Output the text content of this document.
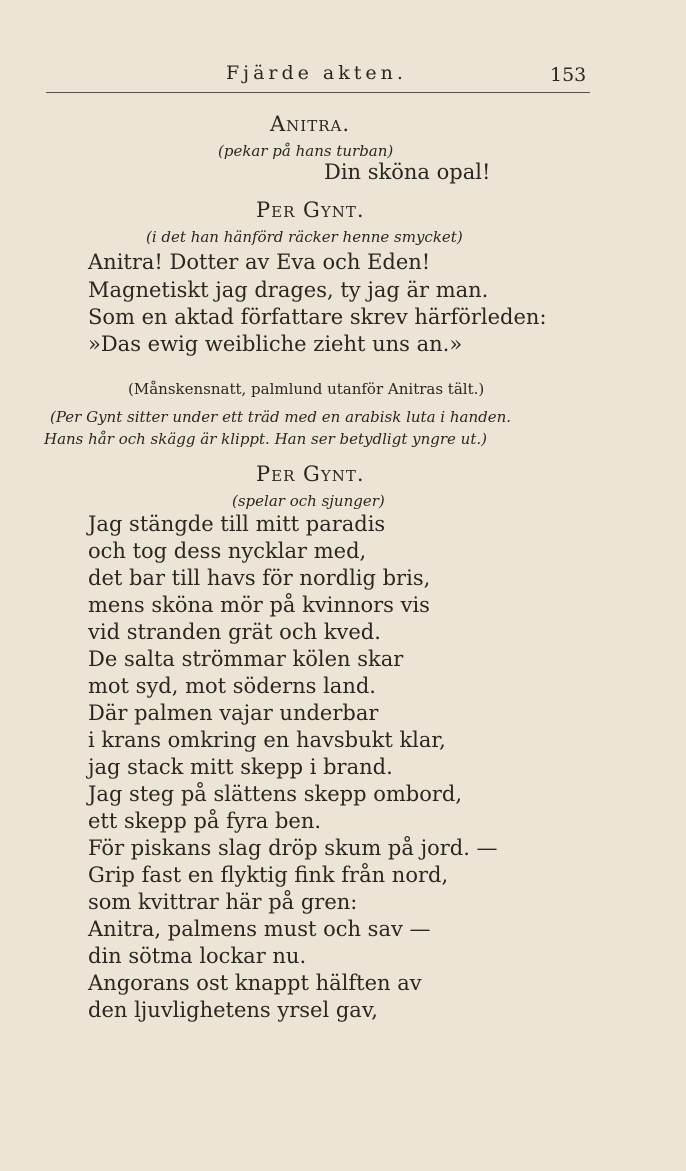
Fjärde akten.	153
Anitra.
(pekar på hans turban)
Din sköna opal!
Per Gynt.
(i det han hänförd räcker henne smycket)
Anitra! Dotter av Eva och Eden!
Magnetiskt jag drages, ty jag är man.
Som en aktad författare skrev härförleden:
»Das ewig weibliche zieht uns an.»
(Månskensnatt, palmlund utanför Anitras tält.)
(Per Gynt sitter under ett träd med en arabisk luta i handen.
Hans hår och skägg är klippt. Han ser betydligt yngre ut.)
Per Gynt.
(spelar och sjunger)
Jag stängde till mitt paradis
och tog dess nycklar med,
det bar till havs för nordlig bris,
mens sköna mör på kvinnors vis
vid stranden grät och kved.
De salta strömmar kölen skar
mot syd, mot söderns land.
Där palmen vajar underbar
i krans omkring en havsbukt klar,
jag stack mitt skepp i brand.
Jag steg på slättens skepp ombord,
ett skepp på fyra ben.
För piskans slag dröp skum på jord. —
Grip fast en flyktig fink från nord,
som kvittrar här på gren:
Anitra, palmens must och sav —
din sötma lockar nu.
Angorans ost knappt hälften av
den ljuvlighetens yrsel gav,
